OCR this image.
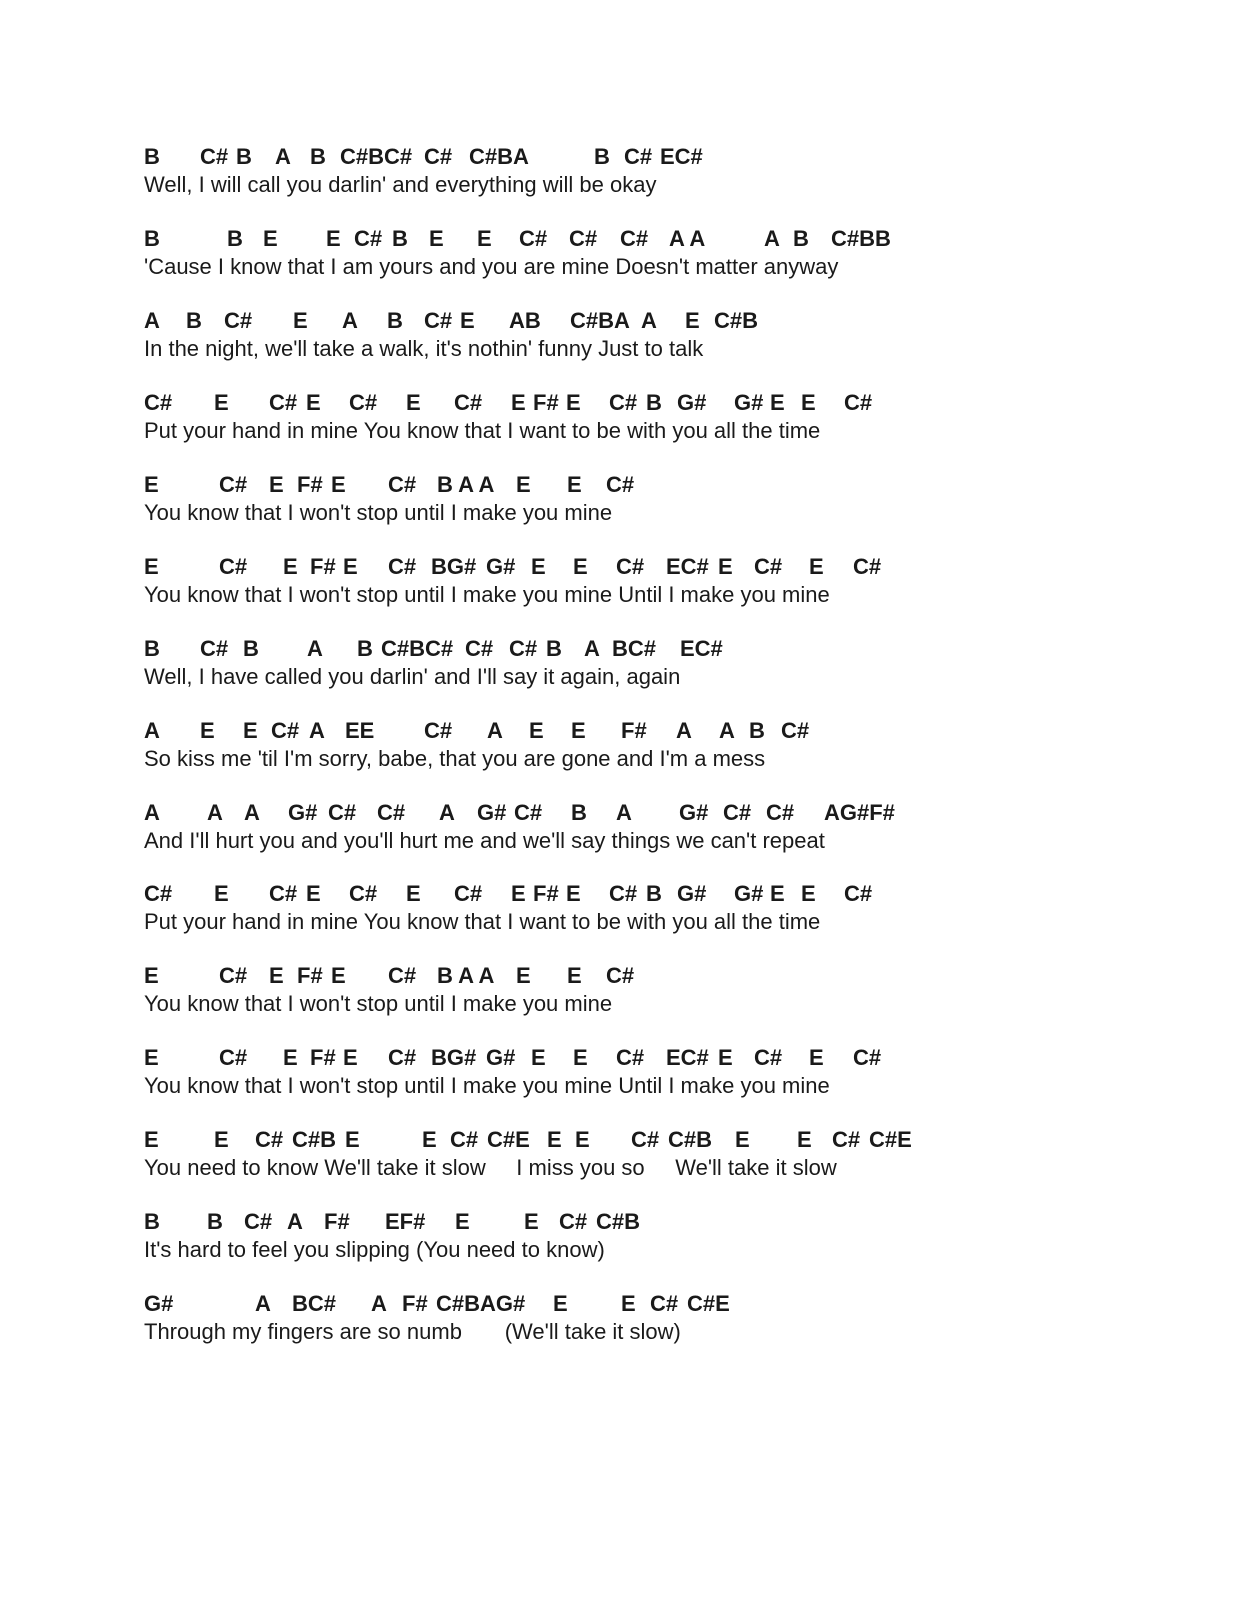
B C# B A B C#BC# C# C#BA	B C# EC#
Well, I will call you darlin' and everything will be okay
B	B E E C# B E E C# C# C# A A	A B C#BB
'Cause I know that I am yours and you are mine Doesn't matter anyway
A B C# E A B C# E AB C#BA A E C#B
In the night, we'll take a walk, it's nothin' funny Just to talk
C# E C# E C# E C# E F# E C# B G# G# E E C#
Put your hand in mine You know that I want to be with you all the time
E	C# E F# E C# B A A E E C#
You know that I won't stop until I make you mine
E	C# E F# E C# BG# G# E E C# EC# E C# E C#
You know that I won't stop until I make you mine Until I make you mine
B C# B A B C#BC# C# C# B A BC# EC#
Well, I have called you darlin' and I'll say it again, again
A E E C# A EE C# A E E F# A A B C#
So kiss me 'til I'm sorry, babe, that you are gone and I'm a mess
A A A G# C# C# A G# C# B A G# C# C# AG#F#
And I'll hurt you and you'll hurt me and we'll say things we can't repeat
C# E C# E C# E C# E F# E C# B G# G# E E C#
Put your hand in mine You know that I want to be with you all the time
E	C# E F# E C# B A A E E C#
You know that I won't stop until I make you mine
E	C# E F# E C# BG# G# E E C# EC# E C# E C#
You know that I won't stop until I make you mine Until I make you mine
E	E C# C#B E	E C# C#E E E C# C#B E E C# C#E
You need to know We'll take it slow     I miss you so     We'll take it slow
B B C# A F# EF# E E C# C#B
It's hard to feel you slipping (You need to know)
G#	A BC# A F# C#BAG# E E C# C#E
Through my fingers are so numb       (We'll take it slow)
